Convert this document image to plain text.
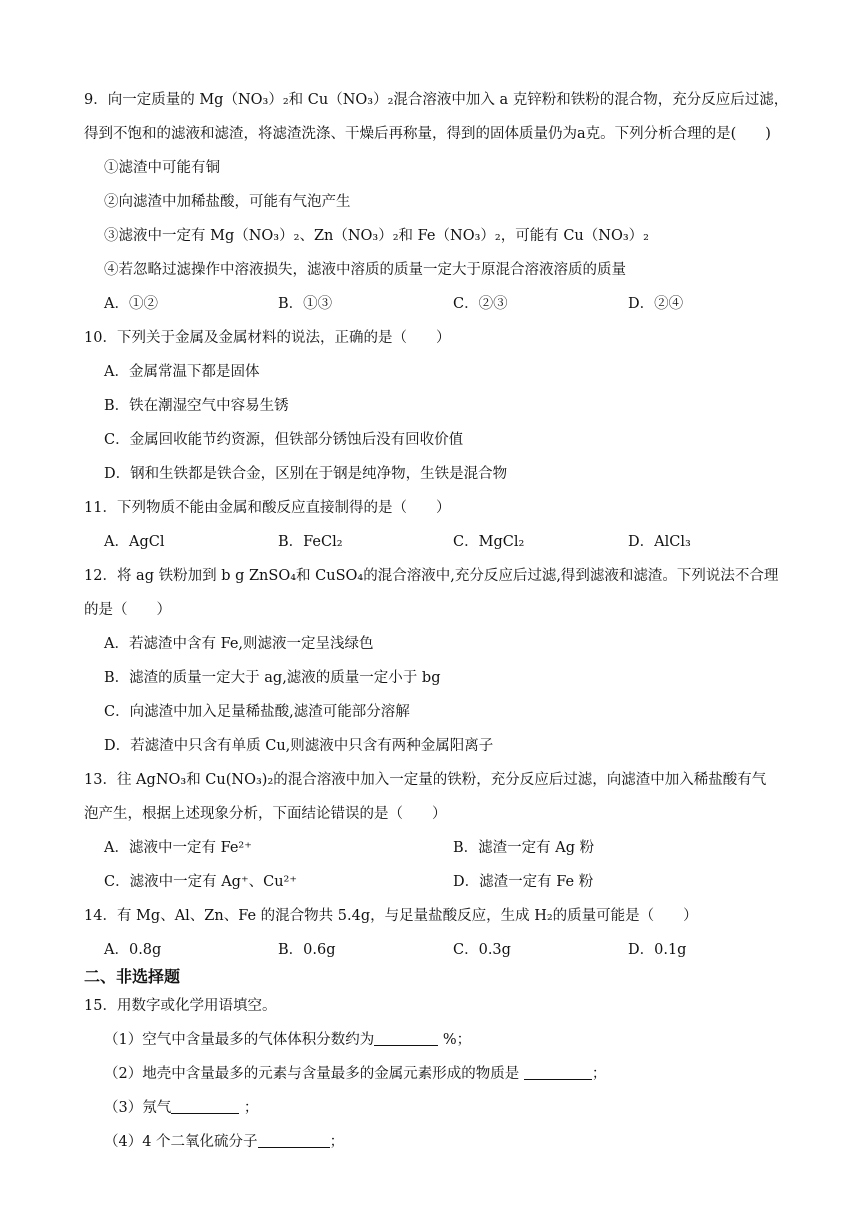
9．向一定质量的 Mg（NO₃）₂和 Cu（NO₃）₂混合溶液中加入 a 克锌粉和铁粉的混合物，充分反应后过滤，
得到不饱和的滤液和滤渣，将滤渣洗涤、干燥后再称量，得到的固体质量仍为a克。下列分析合理的是(　　)
①滤渣中可能有铜
②向滤渣中加稀盐酸，可能有气泡产生
③滤液中一定有 Mg（NO₃）₂、Zn（NO₃）₂和 Fe（NO₃）₂，可能有 Cu（NO₃）₂
④若忽略过滤操作中溶液损失，滤液中溶质的质量一定大于原混合溶液溶质的质量
A．①②	B．①③	C．②③	D．②④
10．下列关于金属及金属材料的说法，正确的是（　　）
A．金属常温下都是固体
B．铁在潮湿空气中容易生锈
C．金属回收能节约资源，但铁部分锈蚀后没有回收价值
D．钢和生铁都是铁合金，区别在于钢是纯净物，生铁是混合物
11．下列物质不能由金属和酸反应直接制得的是（　　）
A．AgCl	B．FeCl₂	C．MgCl₂	D．AlCl₃
12．将 ag 铁粉加到 b g ZnSO₄和 CuSO₄的混合溶液中,充分反应后过滤,得到滤液和滤渣。下列说法不合理
的是（　　）
A．若滤渣中含有 Fe,则滤液一定呈浅绿色
B．滤渣的质量一定大于 ag,滤液的质量一定小于 bg
C．向滤渣中加入足量稀盐酸,滤渣可能部分溶解
D．若滤渣中只含有单质 Cu,则滤液中只含有两种金属阳离子
13．往 AgNO₃和 Cu(NO₃)₂的混合溶液中加入一定量的铁粉，充分反应后过滤，向滤渣中加入稀盐酸有气
泡产生，根据上述现象分析，下面结论错误的是（　　）
A．滤液中一定有 Fe²⁺	B．滤渣一定有 Ag 粉
C．滤液中一定有 Ag⁺、Cu²⁺	D．滤渣一定有 Fe 粉
14．有 Mg、Al、Zn、Fe 的混合物共 5.4g，与足量盐酸反应，生成 H₂的质量可能是（　　）
A．0.8g	B．0.6g	C．0.3g	D．0.1g
二、非选择题
15．用数字或化学用语填空。
（1）空气中含量最多的气体体积分数约为	%；
（2）地壳中含量最多的元素与含量最多的金属元素形成的物质是	；
（3）氖气	；
（4）4 个二氧化硫分子	；
